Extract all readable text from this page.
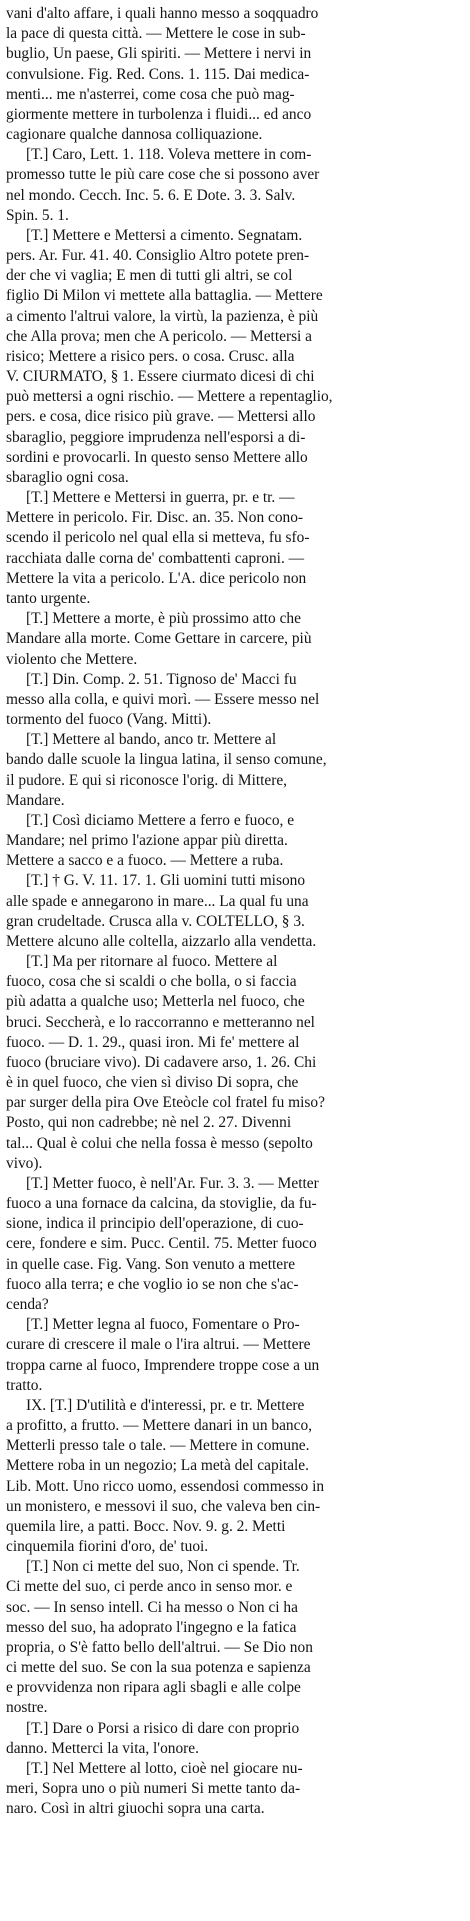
vani d'alto affare, i quali hanno messo a soqquadro
la pace di questa città. — Mettere le cose in sub-
buglio, Un paese, Gli spiriti. — Mettere i nervi in
convulsione. Fig. Red. Cons. 1. 115. Dai medica-
menti... me n'asterrei, come cosa che può mag-
giormente mettere in turbolenza i fluidi... ed anco
cagionare qualche dannosa colliquazione.
[T.] Caro, Lett. 1. 118. Voleva mettere in com-
promesso tutte le più care cose che si possono aver
nel mondo. Cecch. Inc. 5. 6. E Dote. 3. 3. Salv.
Spin. 5. 1.
[T.] Mettere e Mettersi a cimento. Segnatam.
pers. Ar. Fur. 41. 40. Consiglio Altro potete pren-
der che vi vaglia; E men di tutti gli altri, se col
figlio Di Milon vi mettete alla battaglia. — Mettere
a cimento l'altrui valore, la virtù, la pazienza, è più
che Alla prova; men che A pericolo. — Mettersi a
risico; Mettere a risico pers. o cosa. Crusc. alla
V. CIURMATO, § 1. Essere ciurmato dicesi di chi
può mettersi a ogni rischio. — Mettere a repentaglio,
pers. e cosa, dice risico più grave. — Mettersi allo
sbaraglio, peggiore imprudenza nell'esporsi a di-
sordini e provocarli. In questo senso Mettere allo
sbaraglio ogni cosa.
[T.] Mettere e Mettersi in guerra, pr. e tr. —
Mettere in pericolo. Fir. Disc. an. 35. Non cono-
scendo il pericolo nel qual ella si metteva, fu sfo-
racchiata dalle corna de' combattenti caproni. —
Mettere la vita a pericolo. L'A. dice pericolo non
tanto urgente.
[T.] Mettere a morte, è più prossimo atto che
Mandare alla morte. Come Gettare in carcere, più
violento che Mettere.
[T.] Din. Comp. 2. 51. Tignoso de' Macci fu
messo alla colla, e quivi morì. — Essere messo nel
tormento del fuoco (Vang. Mitti).
[T.] Mettere al bando, anco tr. Mettere al
bando dalle scuole la lingua latina, il senso comune,
il pudore. E qui si riconosce l'orig. di Mittere,
Mandare.
[T.] Così diciamo Mettere a ferro e fuoco, e
Mandare; nel primo l'azione appar più diretta.
Mettere a sacco e a fuoco. — Mettere a ruba.
[T.] † G. V. 11. 17. 1. Gli uomini tutti misono
alle spade e annegarono in mare... La qual fu una
gran crudeltade. Crusca alla v. COLTELLO, § 3.
Mettere alcuno alle coltella, aizzarlo alla vendetta.
[T.] Ma per ritornare al fuoco. Mettere al
fuoco, cosa che si scaldi o che bolla, o si faccia
più adatta a qualche uso; Metterla nel fuoco, che
bruci. Seccherà, e lo raccorranno e metteranno nel
fuoco. — D. 1. 29., quasi iron. Mi fe' mettere al
fuoco (bruciare vivo). Di cadavere arso, 1. 26. Chi
è in quel fuoco, che vien sì diviso Di sopra, che
par surger della pira Ove Eteòcle col fratel fu miso?
Posto, qui non cadrebbe; nè nel 2. 27. Divenni
tal... Qual è colui che nella fossa è messo (sepolto
vivo).
[T.] Metter fuoco, è nell'Ar. Fur. 3. 3. — Metter
fuoco a una fornace da calcina, da stoviglie, da fu-
sione, indica il principio dell'operazione, di cuo-
cere, fondere e sim. Pucc. Centil. 75. Metter fuoco
in quelle case. Fig. Vang. Son venuto a mettere
fuoco alla terra; e che voglio io se non che s'ac-
cenda?
[T.] Metter legna al fuoco, Fomentare o Pro-
curare di crescere il male o l'ira altrui. — Mettere
troppa carne al fuoco, Imprendere troppe cose a un
tratto.
IX. [T.] D'utilità e d'interessi, pr. e tr. Mettere
a profitto, a frutto. — Mettere danari in un banco,
Metterli presso tale o tale. — Mettere in comune.
Mettere roba in un negozio; La metà del capitale.
Lib. Mott. Uno ricco uomo, essendosi commesso in
un monistero, e messovi il suo, che valeva ben cin-
quemila lire, a patti. Bocc. Nov. 9. g. 2. Metti
cinquemila fiorini d'oro, de' tuoi.
[T.] Non ci mette del suo, Non ci spende. Tr.
Ci mette del suo, ci perde anco in senso mor. e
soc. — In senso intell. Ci ha messo o Non ci ha
messo del suo, ha adoprato l'ingegno e la fatica
propria, o S'è fatto bello dell'altrui. — Se Dio non
ci mette del suo. Se con la sua potenza e sapienza
e provvidenza non ripara agli sbagli e alle colpe
nostre.
[T.] Dare o Porsi a risico di dare con proprio
danno. Metterci la vita, l'onore.
[T.] Nel Mettere al lotto, cioè nel giocare nu-
meri, Sopra uno o più numeri Si mette tanto da-
naro. Così in altri giuochi sopra una carta.
